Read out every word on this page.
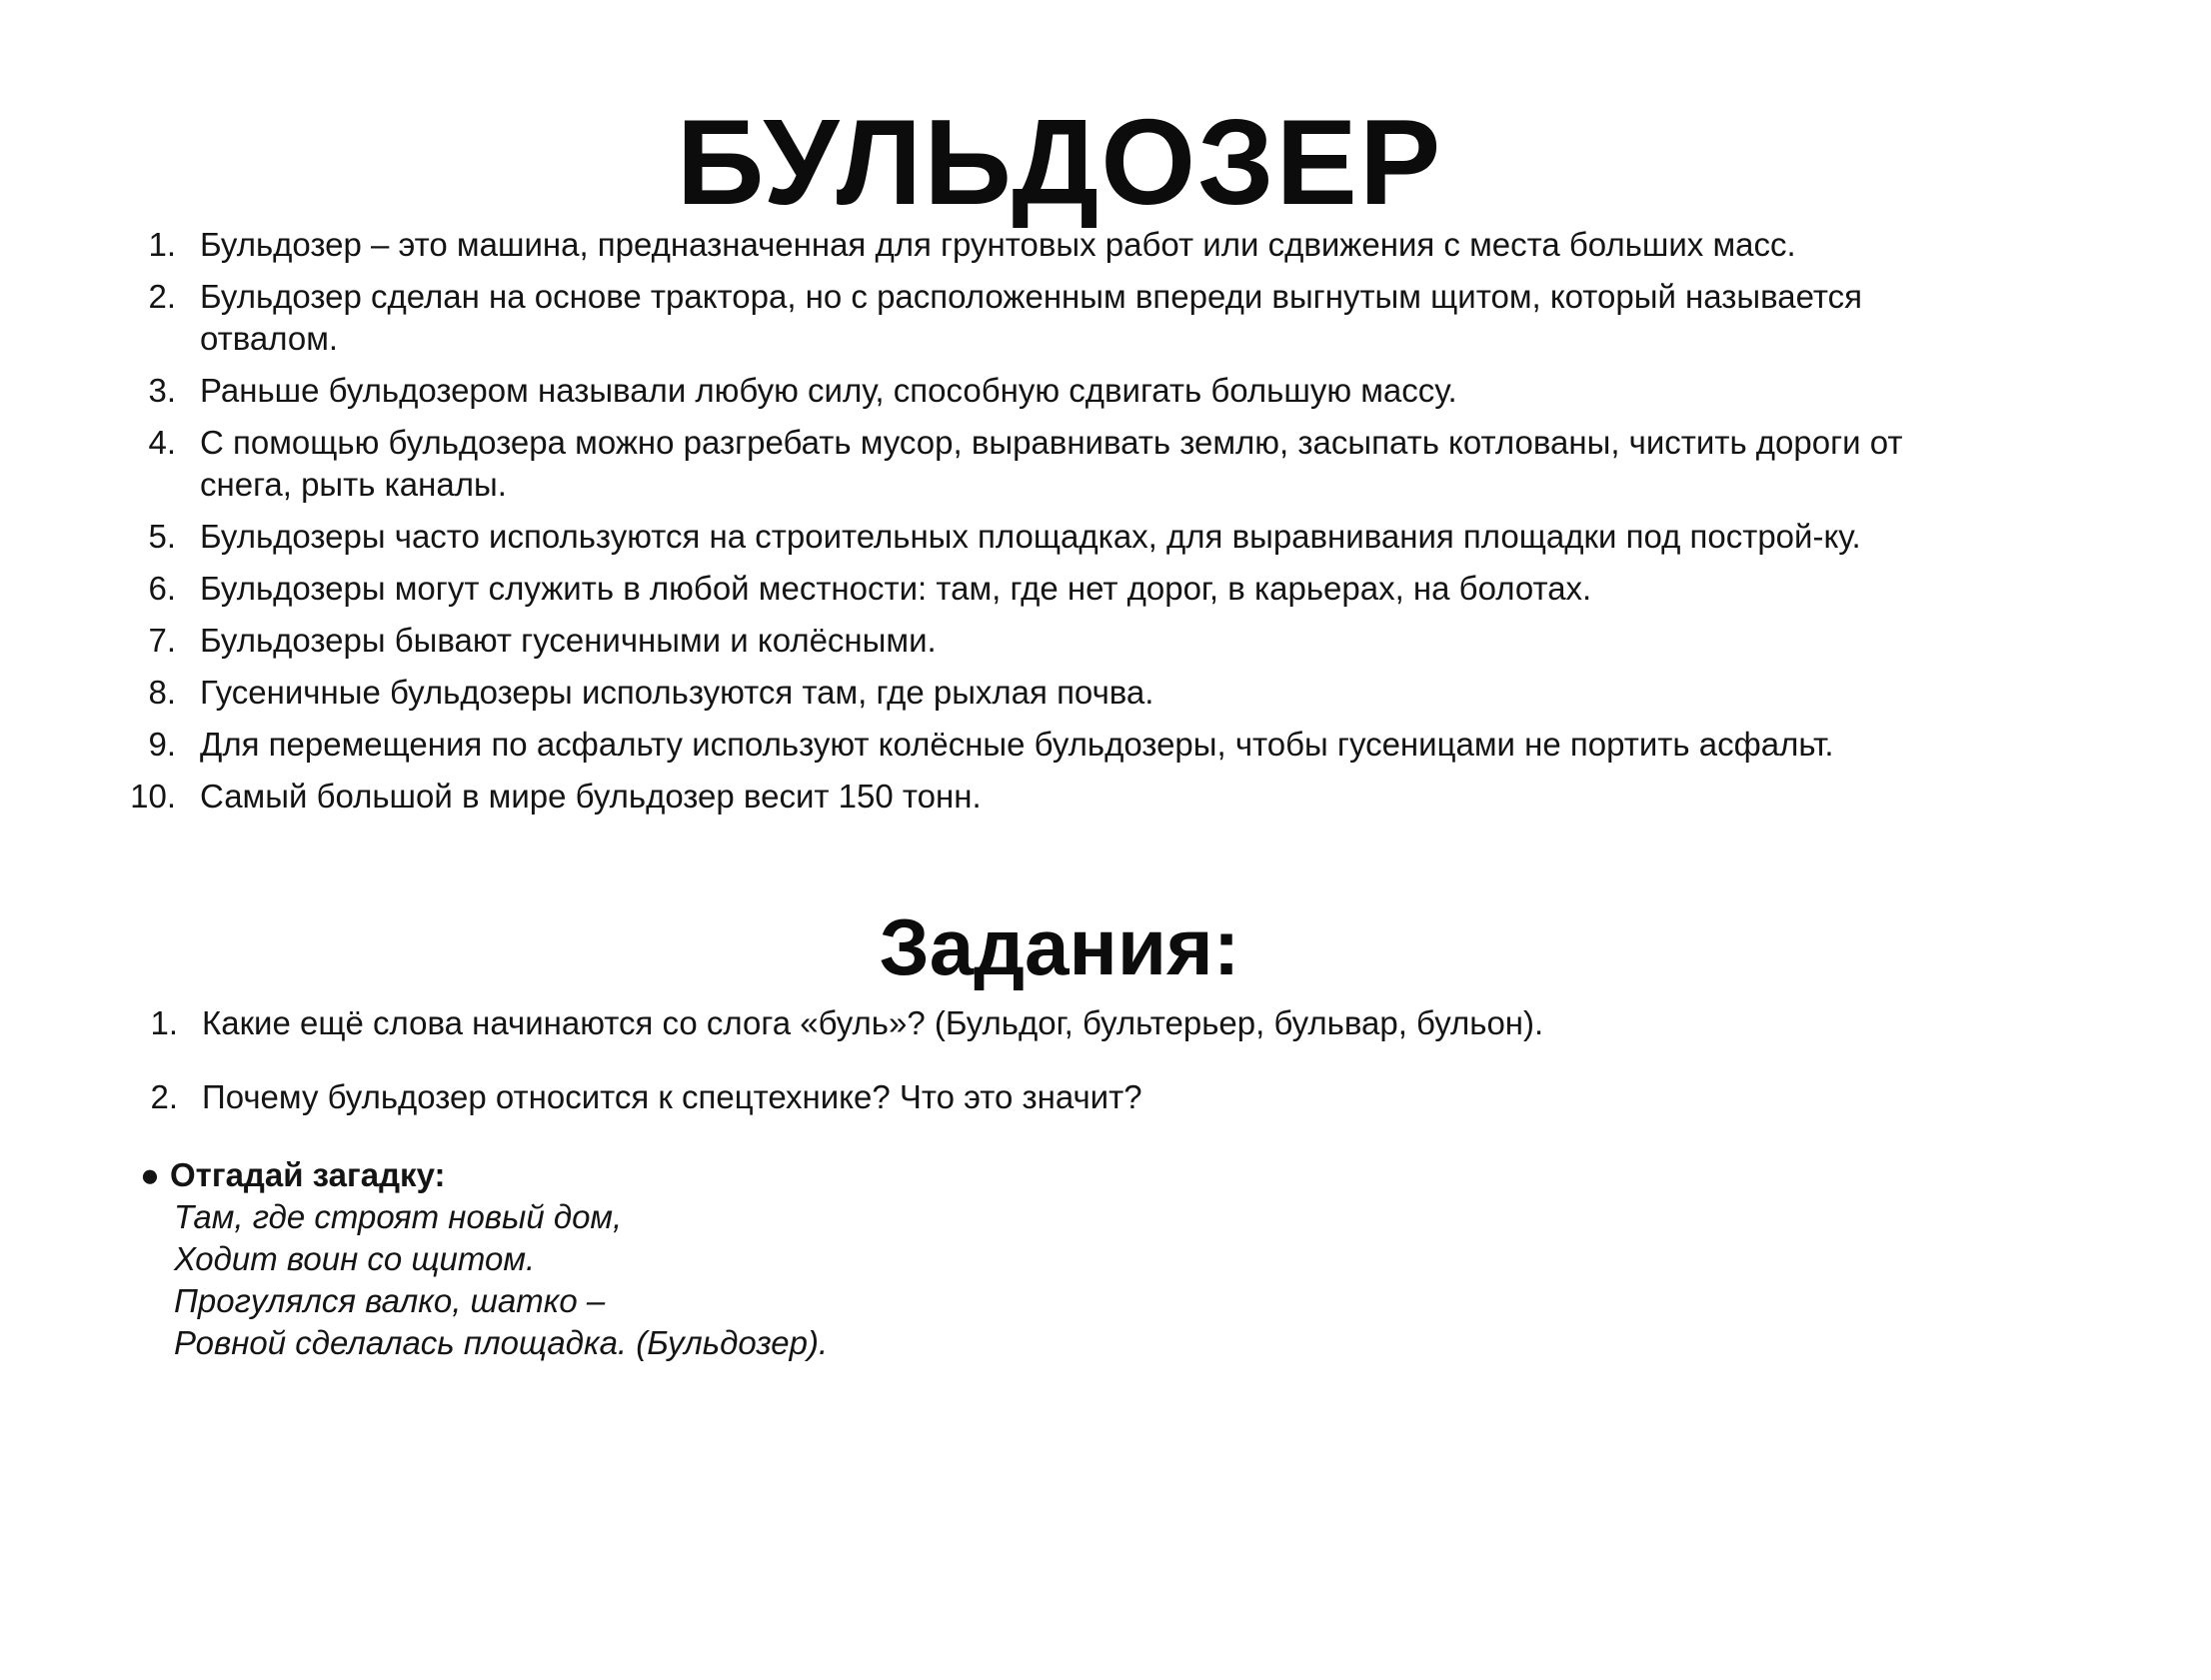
БУЛЬДОЗЕР
1. Бульдозер – это машина, предназначенная для грунтовых работ или сдвижения с места больших масс.
2. Бульдозер сделан на основе трактора, но с расположенным впереди выгнутым щитом, который называется отвалом.
3. Раньше бульдозером называли любую силу, способную сдвигать большую массу.
4. С помощью бульдозера можно разгребать мусор, выравнивать землю, засыпать котлованы, чистить дороги от снега, рыть каналы.
5. Бульдозеры часто используются на строительных площадках, для выравнивания площадки под построй-ку.
6. Бульдозеры могут служить в любой местности: там, где нет дорог, в карьерах, на болотах.
7. Бульдозеры бывают гусеничными и колёсными.
8. Гусеничные бульдозеры используются там, где рыхлая почва.
9. Для перемещения по асфальту используют колёсные бульдозеры, чтобы гусеницами не портить асфальт.
10. Самый большой в мире бульдозер весит 150 тонн.
Задания:
1. Какие ещё слова начинаются со слога «буль»? (Бульдог, бультерьер, бульвар, бульон).
2. Почему бульдозер относится к спецтехнике? Что это значит?
● Отгадай загадку:
Там, где строят новый дом,
Ходит воин со щитом.
Прогулялся валко, шатко –
Ровной сделалась площадка. (Бульдозер).
